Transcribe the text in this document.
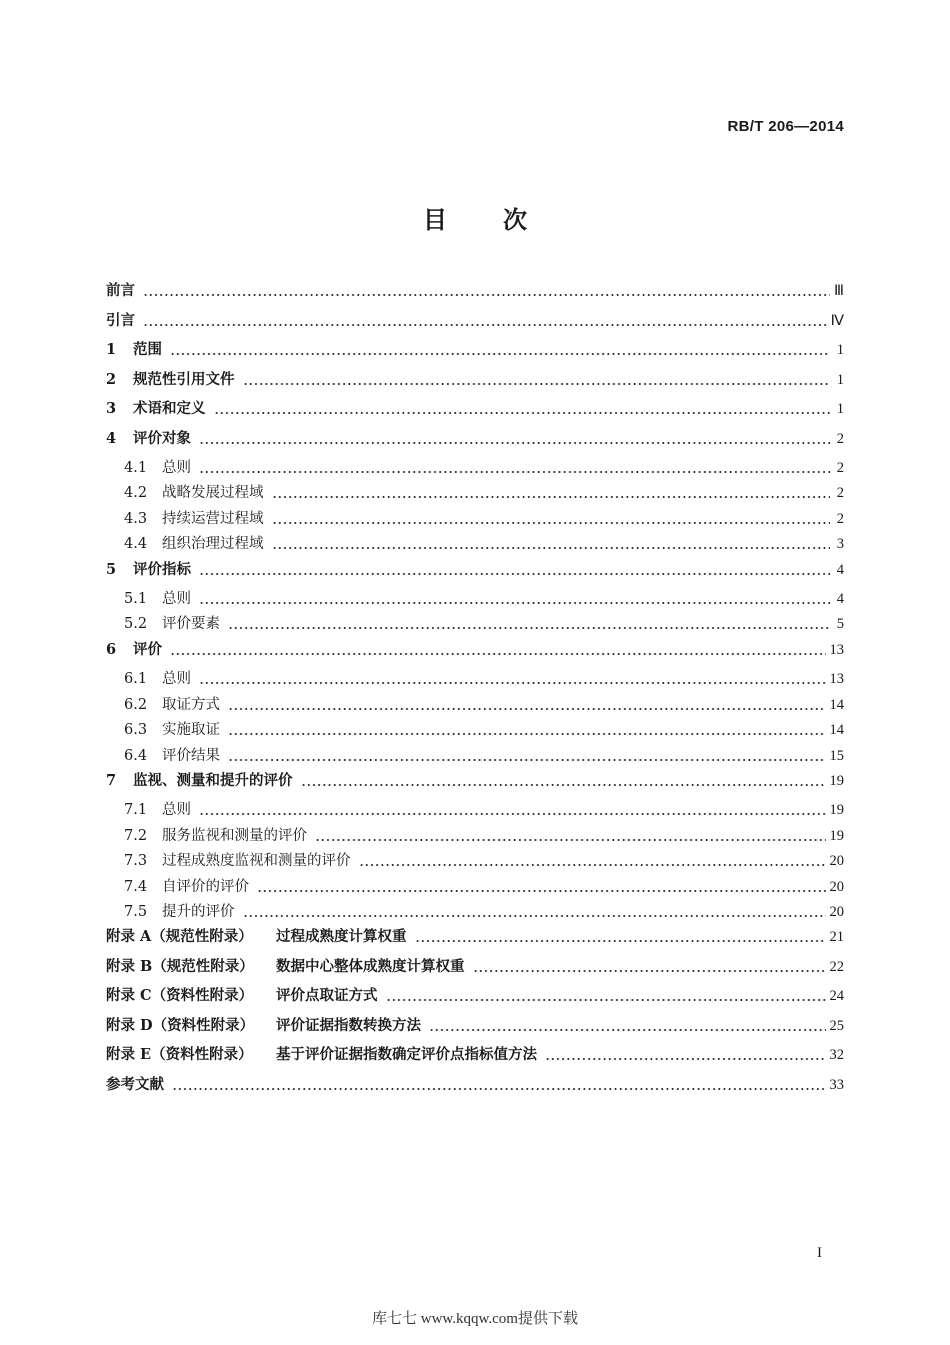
RB/T 206—2014
目 次
前言	Ⅲ
引言	Ⅳ
1	范围	1
2	规范性引用文件	1
3	术语和定义	1
4	评价对象	2
4.1	总则	2
4.2	战略发展过程域	2
4.3	持续运营过程域	2
4.4	组织治理过程域	3
5	评价指标	4
5.1	总则	4
5.2	评价要素	5
6	评价	13
6.1	总则	13
6.2	取证方式	14
6.3	实施取证	14
6.4	评价结果	15
7	监视、测量和提升的评价	19
7.1	总则	19
7.2	服务监视和测量的评价	19
7.3	过程成熟度监视和测量的评价	20
7.4	自评价的评价	20
7.5	提升的评价	20
附录 A（规范性附录） 过程成熟度计算权重	21
附录 B（规范性附录） 数据中心整体成熟度计算权重	22
附录 C（资料性附录） 评价点取证方式	24
附录 D（资料性附录） 评价证据指数转换方法	25
附录 E（资料性附录） 基于评价证据指数确定评价点指标值方法	32
参考文献	33
I
库七七 www.kqqw.com提供下载
